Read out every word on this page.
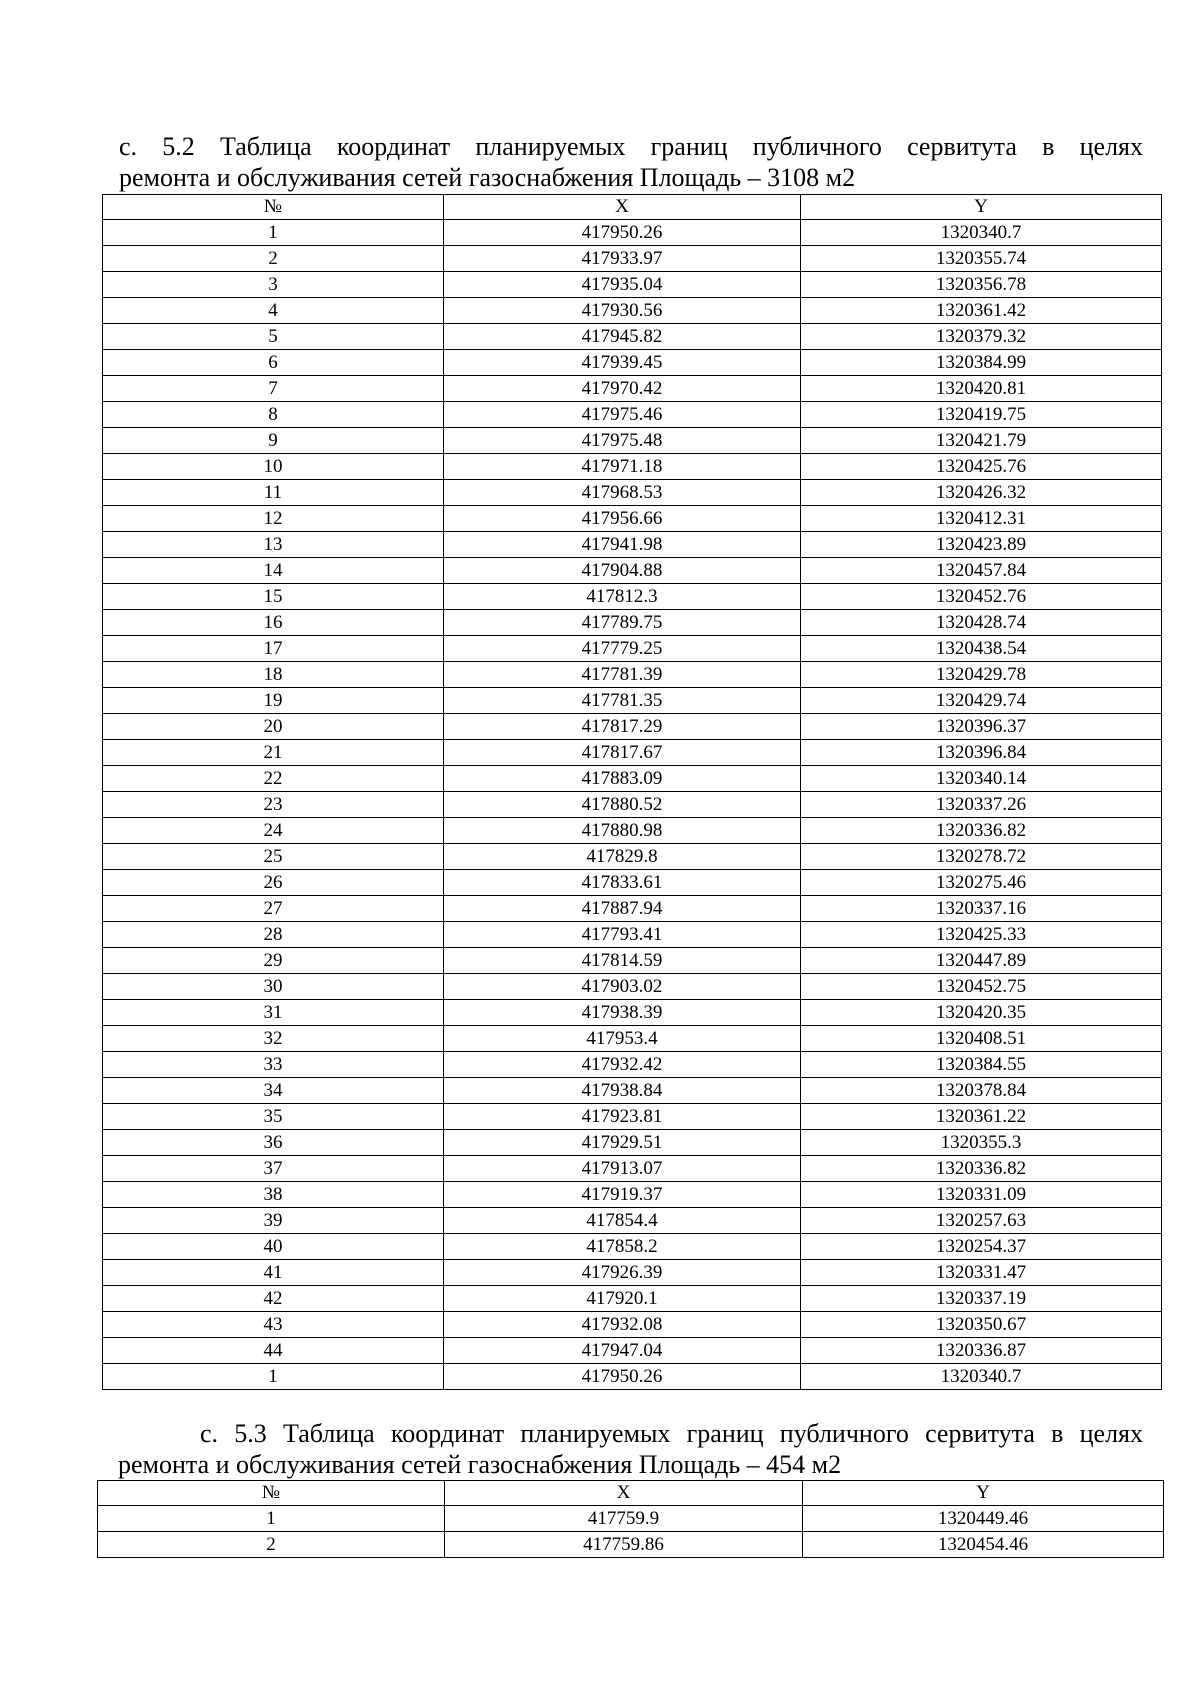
с. 5.2 Таблица координат планируемых границ публичного сервитута в целях
ремонта и обслуживания сетей газоснабжения Площадь – 3108 м2

№	X	Y
1	417950.26	1320340.7
2	417933.97	1320355.74
3	417935.04	1320356.78
4	417930.56	1320361.42
5	417945.82	1320379.32
6	417939.45	1320384.99
7	417970.42	1320420.81
8	417975.46	1320419.75
9	417975.48	1320421.79
10	417971.18	1320425.76
11	417968.53	1320426.32
12	417956.66	1320412.31
13	417941.98	1320423.89
14	417904.88	1320457.84
15	417812.3	1320452.76
16	417789.75	1320428.74
17	417779.25	1320438.54
18	417781.39	1320429.78
19	417781.35	1320429.74
20	417817.29	1320396.37
21	417817.67	1320396.84
22	417883.09	1320340.14
23	417880.52	1320337.26
24	417880.98	1320336.82
25	417829.8	1320278.72
26	417833.61	1320275.46
27	417887.94	1320337.16
28	417793.41	1320425.33
29	417814.59	1320447.89
30	417903.02	1320452.75
31	417938.39	1320420.35
32	417953.4	1320408.51
33	417932.42	1320384.55
34	417938.84	1320378.84
35	417923.81	1320361.22
36	417929.51	1320355.3
37	417913.07	1320336.82
38	417919.37	1320331.09
39	417854.4	1320257.63
40	417858.2	1320254.37
41	417926.39	1320331.47
42	417920.1	1320337.19
43	417932.08	1320350.67
44	417947.04	1320336.87
1	417950.26	1320340.7

с. 5.3 Таблица координат планируемых границ публичного сервитута в целях
ремонта и обслуживания сетей газоснабжения Площадь – 454 м2

№	X	Y
1	417759.9	1320449.46
2	417759.86	1320454.46
